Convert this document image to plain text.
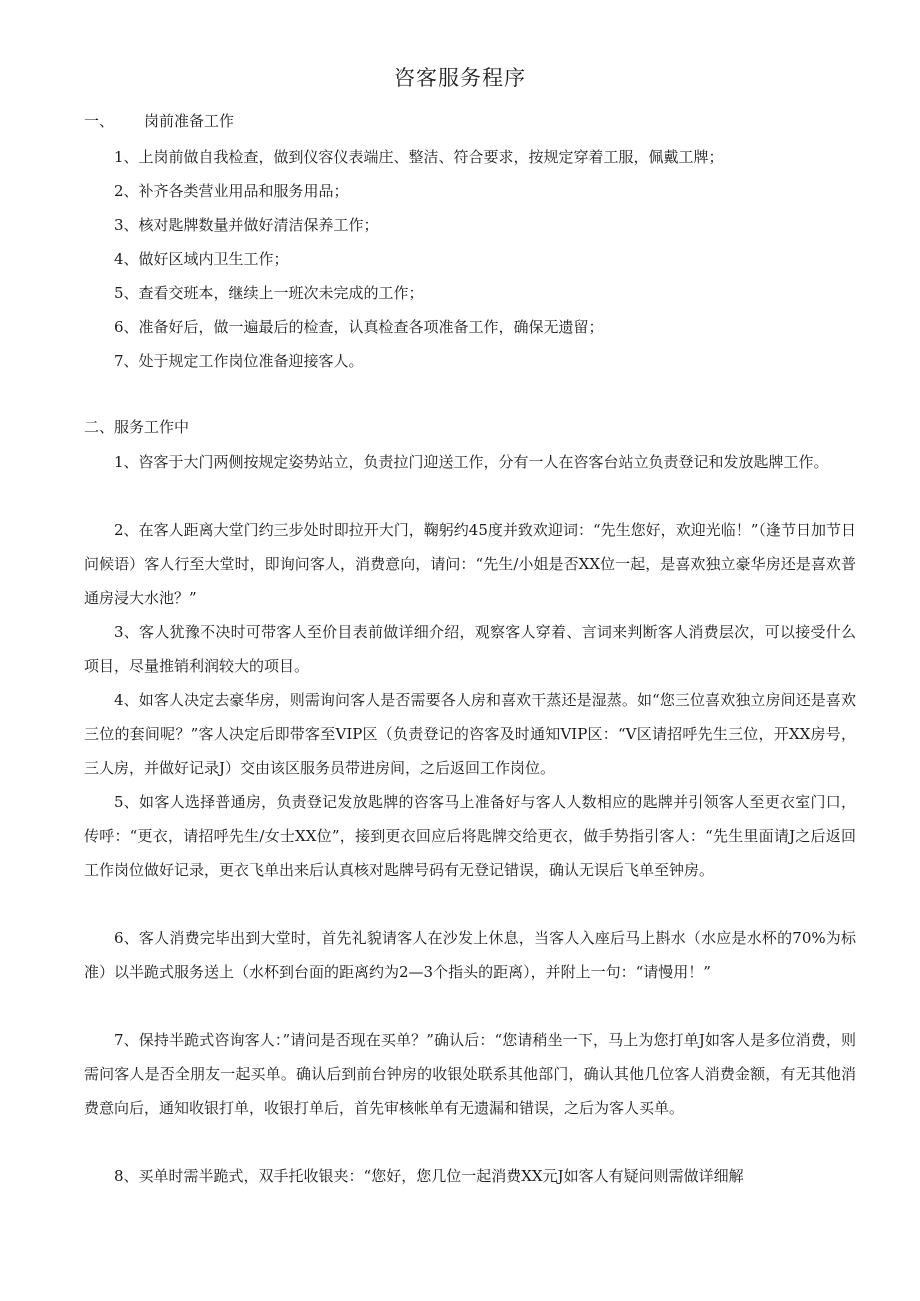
咨客服务程序
一、 岗前准备工作

1、上岗前做自我检查，做到仪容仪表端庄、整洁、符合要求，按规定穿着工服，佩戴工牌；

2、补齐各类营业用品和服务用品；

3、核对匙牌数量并做好清洁保养工作；

4、做好区域内卫生工作；

5、查看交班本，继续上一班次未完成的工作；

6、准备好后，做一遍最后的检查，认真检查各项准备工作，确保无遗留；

7、处于规定工作岗位准备迎接客人。

二、服务工作中

1、咨客于大门两侧按规定姿势站立，负责拉门迎送工作，分有一人在咨客台站立负责登记和发放匙牌工作。

2、在客人距离大堂门约三步处时即拉开大门，鞠躬约45度并致欢迎词：“先生您好，欢迎光临！”（逢节日加节日问候语）客人行至大堂时，即询问客人，消费意向，请问：“先生/小姐是否XX位一起，是喜欢独立豪华房还是喜欢普通房浸大水池？”

3、客人犹豫不决时可带客人至价目表前做详细介绍，观察客人穿着、言词来判断客人消费层次，可以接受什么项目，尽量推销利润较大的项目。

4、如客人决定去豪华房，则需询问客人是否需要各人房和喜欢干蒸还是湿蒸。如“您三位喜欢独立房间还是喜欢三位的套间呢？”客人决定后即带客至VIP区（负责登记的咨客及时通知VIP区：“V区请招呼先生三位，开XX房号，三人房，并做好记录J）交由该区服务员带进房间，之后返回工作岗位。

5、如客人选择普通房，负责登记发放匙牌的咨客马上准备好与客人人数相应的匙牌并引领客人至更衣室门口，传呼：“更衣，请招呼先生/女士XX位”，接到更衣回应后将匙牌交给更衣，做手势指引客人：“先生里面请J之后返回工作岗位做好记录，更衣飞单出来后认真核对匙牌号码有无登记错误，确认无误后飞单至钟房。

6、客人消费完毕出到大堂时，首先礼貌请客人在沙发上休息，当客人入座后马上斟水（水应是水杯的70%为标准）以半跪式服务送上（水杯到台面的距离约为2—3个指头的距离），并附上一句：“请慢用！”

7、保持半跪式咨询客人：”请问是否现在买单？”确认后：“您请稍坐一下，马上为您打单J如客人是多位消费，则需问客人是否全朋友一起买单。确认后到前台钟房的收银处联系其他部门，确认其他几位客人消费金额，有无其他消费意向后，通知收银打单，收银打单后，首先审核帐单有无遗漏和错误，之后为客人买单。

8、买单时需半跪式，双手托收银夹：“您好，您几位一起消费XX元J如客人有疑问则需做详细解
